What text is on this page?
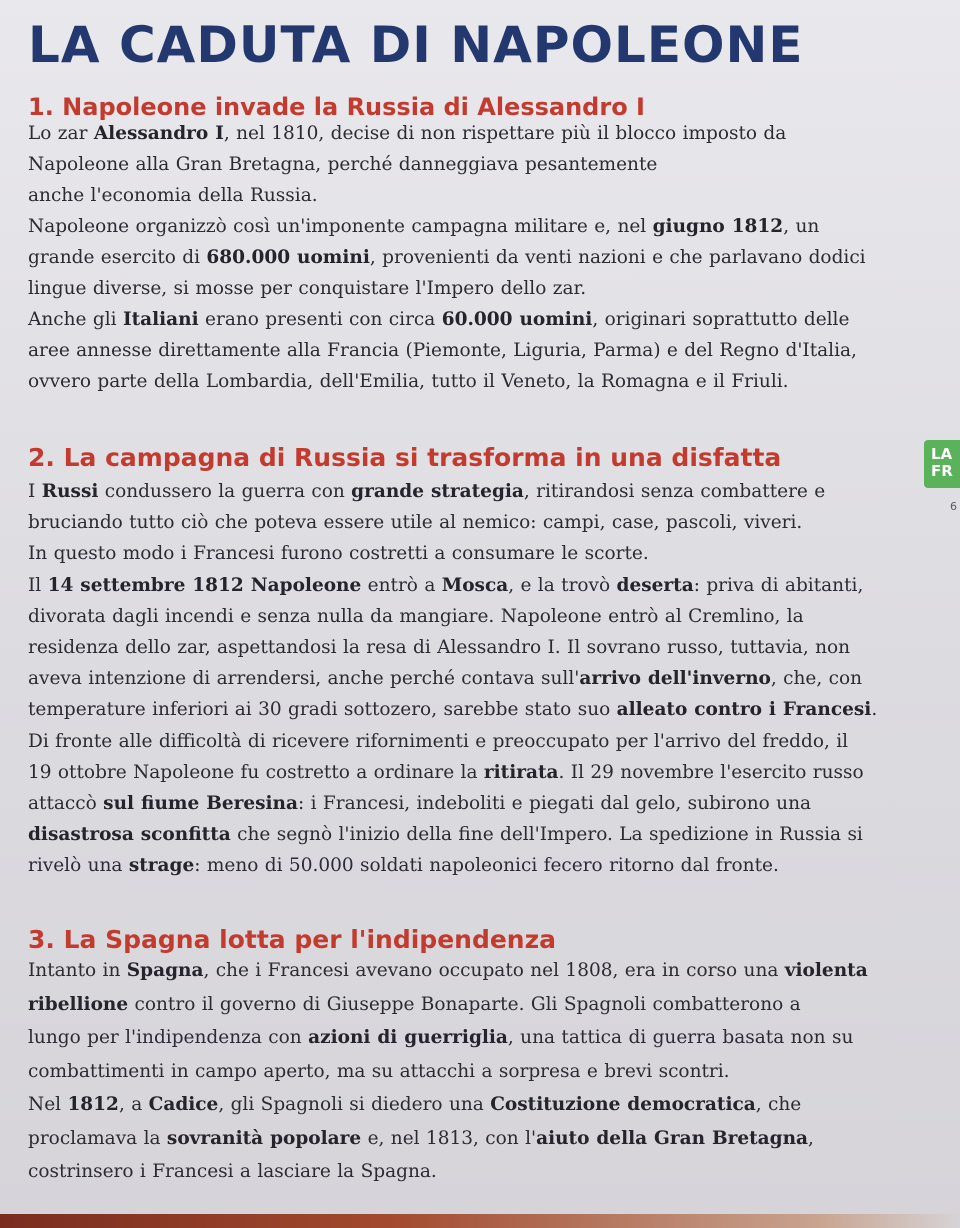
LA CADUTA DI NAPOLEONE
1. Napoleone invade la Russia di Alessandro I
Lo zar Alessandro I, nel 1810, decise di non rispettare più il blocco imposto da
Napoleone alla Gran Bretagna, perché danneggiava pesantemente
anche l'economia della Russia.
Napoleone organizzò così un'imponente campagna militare e, nel giugno 1812, un
grande esercito di 680.000 uomini, provenienti da venti nazioni e che parlavano dodici
lingue diverse, si mosse per conquistare l'Impero dello zar.
Anche gli Italiani erano presenti con circa 60.000 uomini, originari soprattutto delle
aree annesse direttamente alla Francia (Piemonte, Liguria, Parma) e del Regno d'Italia,
ovvero parte della Lombardia, dell'Emilia, tutto il Veneto, la Romagna e il Friuli.
2. La campagna di Russia si trasforma in una disfatta
I Russi condussero la guerra con grande strategia, ritirandosi senza combattere e
bruciando tutto ciò che poteva essere utile al nemico: campi, case, pascoli, viveri.
In questo modo i Francesi furono costretti a consumare le scorte.
Il 14 settembre 1812 Napoleone entrò a Mosca, e la trovò deserta: priva di abitanti,
divorata dagli incendi e senza nulla da mangiare. Napoleone entrò al Cremlino, la
residenza dello zar, aspettandosi la resa di Alessandro I. Il sovrano russo, tuttavia, non
aveva intenzione di arrendersi, anche perché contava sull'arrivo dell'inverno, che, con
temperature inferiori ai 30 gradi sottozero, sarebbe stato suo alleato contro i Francesi.
Di fronte alle difficoltà di ricevere rifornimenti e preoccupato per l'arrivo del freddo, il
19 ottobre Napoleone fu costretto a ordinare la ritirata. Il 29 novembre l'esercito russo
attaccò sul fiume Beresina: i Francesi, indeboliti e piegati dal gelo, subirono una
disastrosa sconfitta che segnò l'inizio della fine dell'Impero. La spedizione in Russia si
rivelò una strage: meno di 50.000 soldati napoleonici fecero ritorno dal fronte.
3. La Spagna lotta per l'indipendenza
Intanto in Spagna, che i Francesi avevano occupato nel 1808, era in corso una violenta
ribellione contro il governo di Giuseppe Bonaparte. Gli Spagnoli combatterono a
lungo per l'indipendenza con azioni di guerriglia, una tattica di guerra basata non su
combattimenti in campo aperto, ma su attacchi a sorpresa e brevi scontri.
Nel 1812, a Cadice, gli Spagnoli si diedero una Costituzione democratica, che
proclamava la sovranità popolare e, nel 1813, con l'aiuto della Gran Bretagna,
costrinsero i Francesi a lasciare la Spagna.
LA
FR
6
